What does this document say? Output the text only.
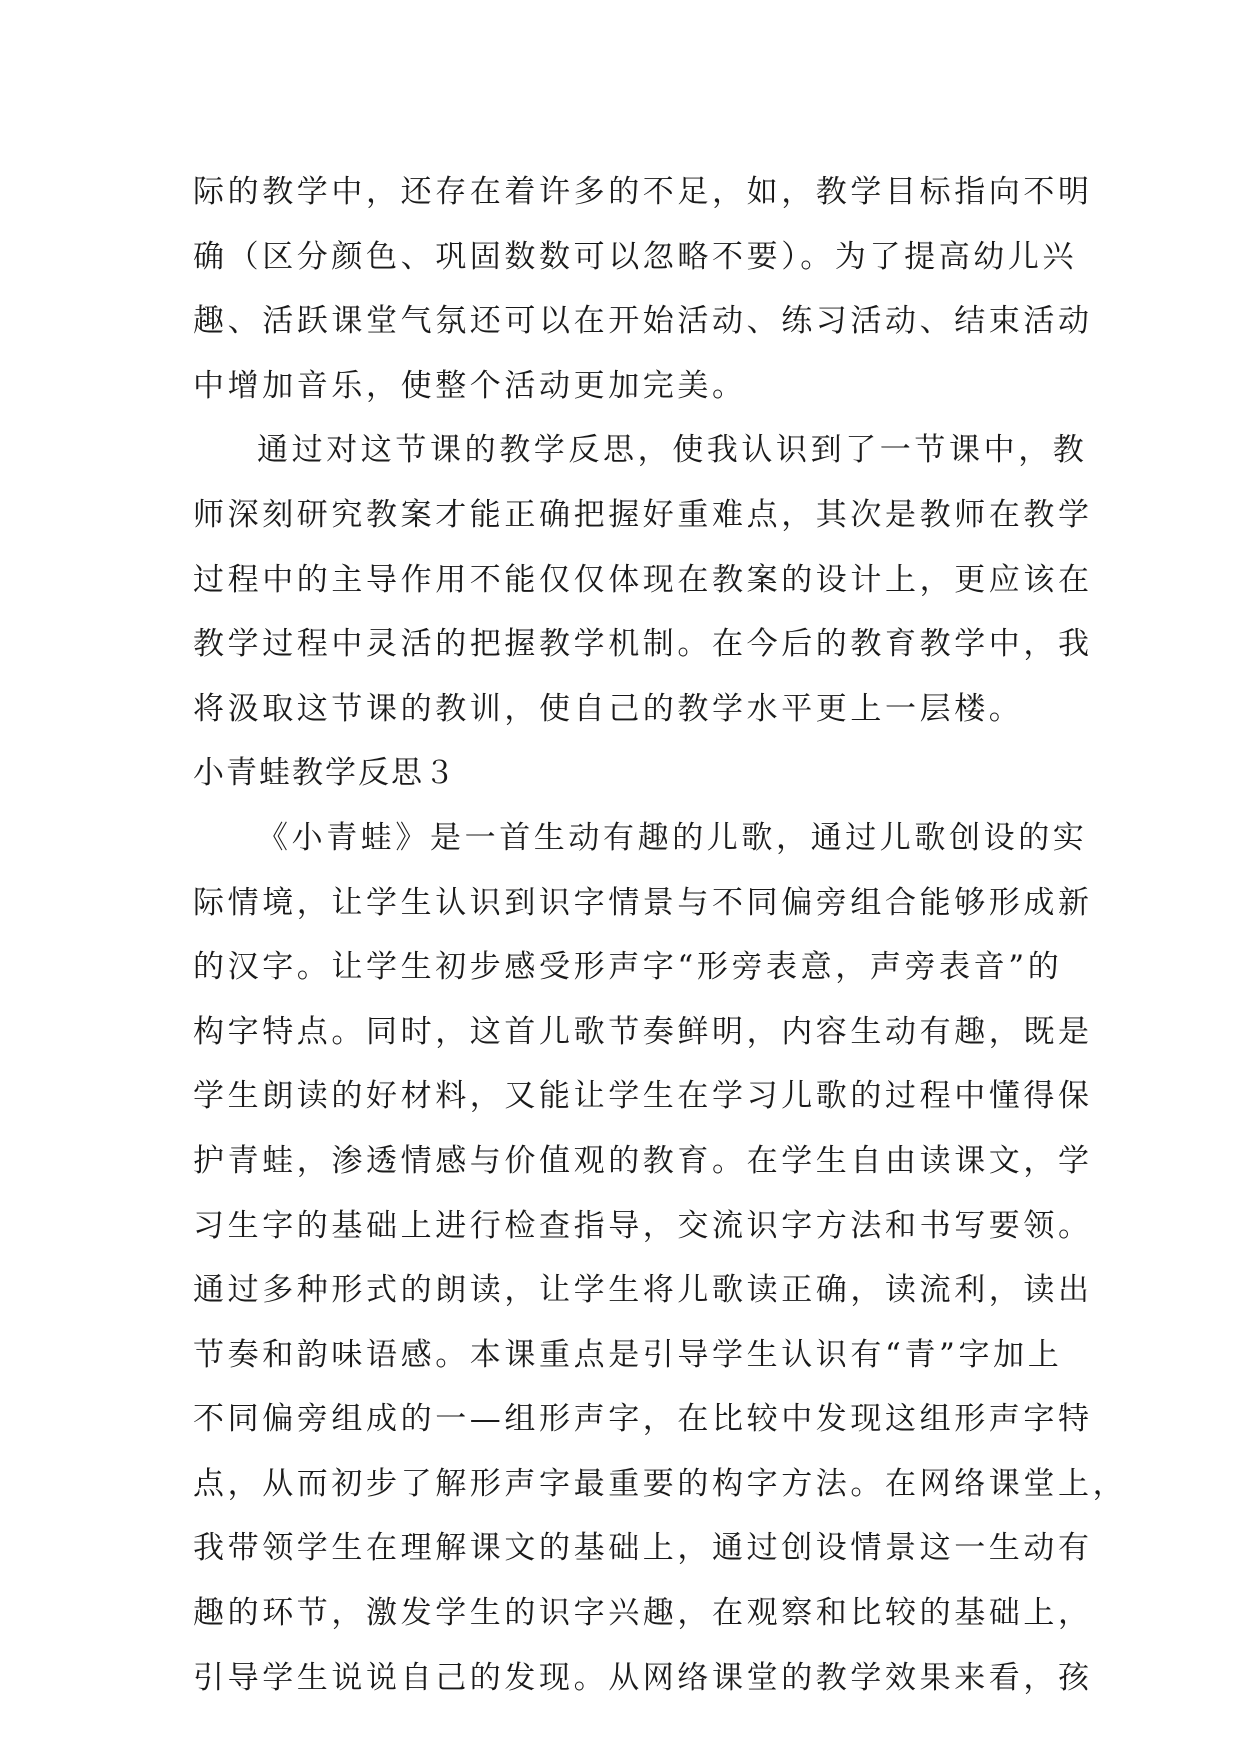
际的教学中，还存在着许多的不足，如，教学目标指向不明

确（区分颜色、巩固数数可以忽略不要）。为了提高幼儿兴

趣、活跃课堂气氛还可以在开始活动、练习活动、结束活动

中增加音乐，使整个活动更加完美。

通过对这节课的教学反思，使我认识到了一节课中，教

师深刻研究教案才能正确把握好重难点，其次是教师在教学

过程中的主导作用不能仅仅体现在教案的设计上，更应该在

教学过程中灵活的把握教学机制。在今后的教育教学中，我

将汲取这节课的教训，使自己的教学水平更上一层楼。

小青蛙教学反思３

《小青蛙》是一首生动有趣的儿歌，通过儿歌创设的实

际情境，让学生认识到识字情景与不同偏旁组合能够形成新

的汉字。让学生初步感受形声字“形旁表意，声旁表音”的

构字特点。同时，这首儿歌节奏鲜明，内容生动有趣，既是

学生朗读的好材料，又能让学生在学习儿歌的过程中懂得保

护青蛙，渗透情感与价值观的教育。在学生自由读课文，学

习生字的基础上进行检查指导，交流识字方法和书写要领。

通过多种形式的朗读，让学生将儿歌读正确，读流利，读出

节奏和韵味语感。本课重点是引导学生认识有“青”字加上

不同偏旁组成的一—组形声字，在比较中发现这组形声字特

点，从而初步了解形声字最重要的构字方法。在网络课堂上，

我带领学生在理解课文的基础上，通过创设情景这一生动有

趣的环节，激发学生的识字兴趣，在观察和比较的基础上，

引导学生说说自己的发现。从网络课堂的教学效果来看，孩
